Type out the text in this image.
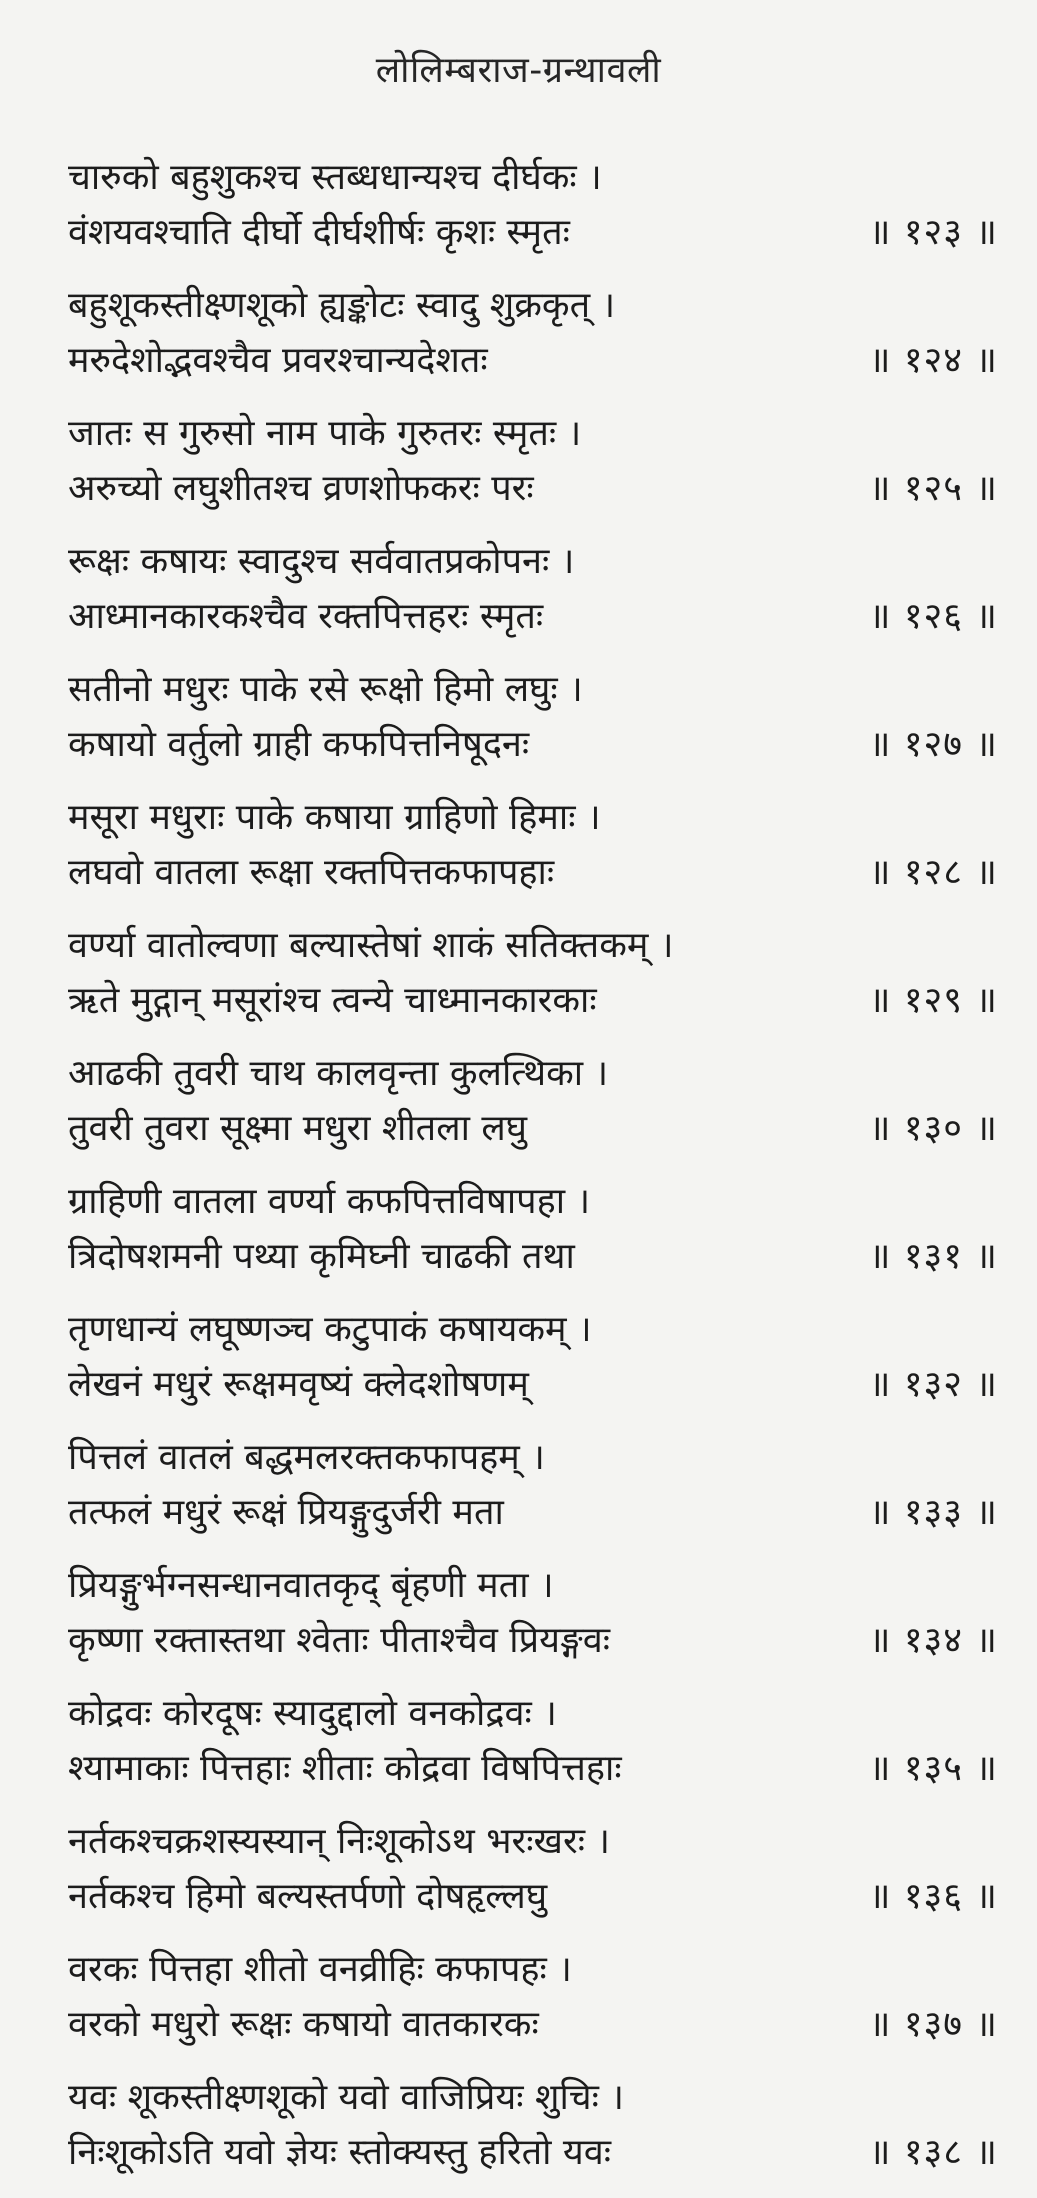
लोलिम्बराज-ग्रन्थावली
चारुको बहुशुकश्च स्तब्धधान्यश्च दीर्घकः ।
वंशयवश्चाति दीर्घो दीर्घशीर्षः कृशः स्मृतः	॥ १२३ ॥
बहुशूकस्तीक्ष्णशूको ह्यङ्कोटः स्वादु शुक्रकृत् ।
मरुदेशोद्भवश्चैव प्रवरश्चान्यदेशतः	॥ १२४ ॥
जातः स गुरुसो नाम पाके गुरुतरः स्मृतः ।
अरुच्यो लघुशीतश्च व्रणशोफकरः परः	॥ १२५ ॥
रूक्षः कषायः स्वादुश्च सर्ववातप्रकोपनः ।
आध्मानकारकश्चैव रक्तपित्तहरः स्मृतः	॥ १२६ ॥
सतीनो मधुरः पाके रसे रूक्षो हिमो लघुः ।
कषायो वर्तुलो ग्राही कफपित्तनिषूदनः	॥ १२७ ॥
मसूरा मधुराः पाके कषाया ग्राहिणो हिमाः ।
लघवो वातला रूक्षा रक्तपित्तकफापहाः	॥ १२८ ॥
वर्ण्या वातोल्वणा बल्यास्तेषां शाकं सतिक्तकम् ।
ऋते मुद्गान् मसूरांश्च त्वन्ये चाध्मानकारकाः	॥ १२९ ॥
आढकी तुवरी चाथ कालवृन्ता कुलत्थिका ।
तुवरी तुवरा सूक्ष्मा मधुरा शीतला लघु	॥ १३० ॥
ग्राहिणी वातला वर्ण्या कफपित्तविषापहा ।
त्रिदोषशमनी पथ्या कृमिघ्नी चाढकी तथा	॥ १३१ ॥
तृणधान्यं लघूष्णञ्च कटुपाकं कषायकम् ।
लेखनं मधुरं रूक्षमवृष्यं क्लेदशोषणम्	॥ १३२ ॥
पित्तलं वातलं बद्धमलरक्तकफापहम् ।
तत्फलं मधुरं रूक्षं प्रियङ्गुदुर्जरी मता	॥ १३३ ॥
प्रियङ्गुर्भग्नसन्धानवातकृद् बृंहणी मता ।
कृष्णा रक्तास्तथा श्वेताः पीताश्चैव प्रियङ्गवः	॥ १३४ ॥
कोद्रवः कोरदूषः स्यादुद्दालो वनकोद्रवः ।
श्यामाकाः पित्तहाः शीताः कोद्रवा विषपित्तहाः	॥ १३५ ॥
नर्तकश्चक्रशस्यस्यान् निःशूकोऽथ भरःखरः ।
नर्तकश्च हिमो बल्यस्तर्पणो दोषहृल्लघु	॥ १३६ ॥
वरकः पित्तहा शीतो वनव्रीहिः कफापहः ।
वरको मधुरो रूक्षः कषायो वातकारकः	॥ १३७ ॥
यवः शूकस्तीक्ष्णशूको यवो वाजिप्रियः शुचिः ।
निःशूकोऽति यवो ज्ञेयः स्तोक्यस्तु हरितो यवः	॥ १३८ ॥
